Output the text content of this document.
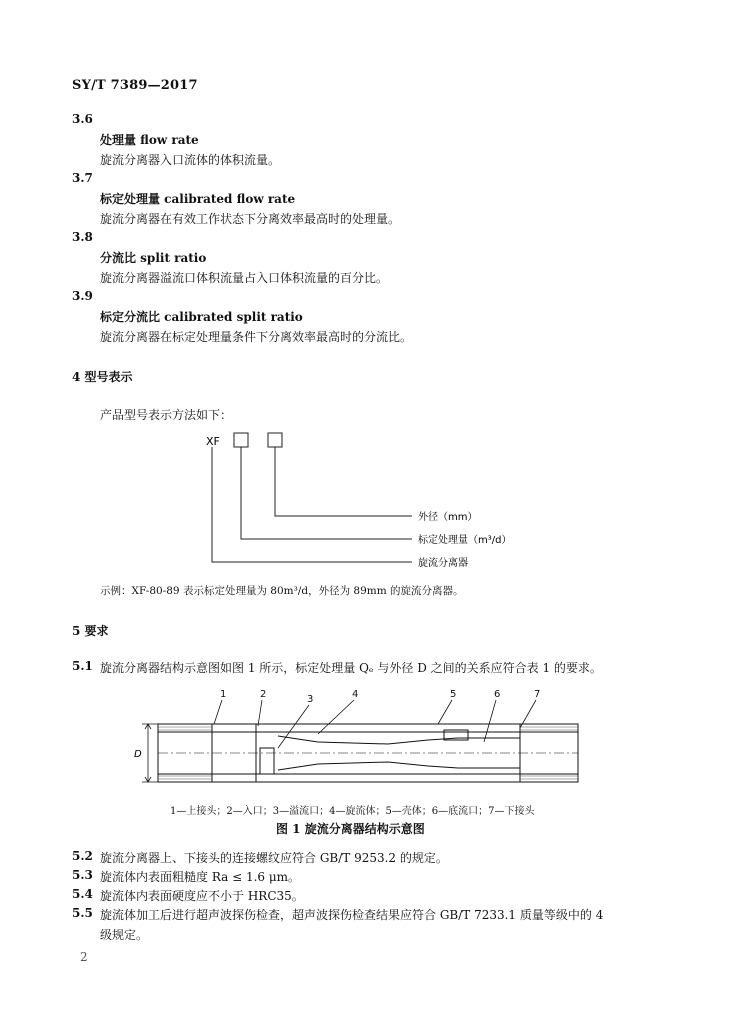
SY/T 7389—2017
3.6
处理量 flow rate
旋流分离器入口流体的体积流量。
3.7
标定处理量 calibrated flow rate
旋流分离器在有效工作状态下分离效率最高时的处理量。
3.8
分流比 split ratio
旋流分离器溢流口体积流量占入口体积流量的百分比。
3.9
标定分流比 calibrated split ratio
旋流分离器在标定处理量条件下分离效率最高时的分流比。
4 型号表示
产品型号表示方法如下：
XF
外径（mm）
标定处理量（m³/d）
旋流分离器
示例：XF-80-89 表示标定处理量为 80m³/d，外径为 89mm 的旋流分离器。
5 要求
5.1 旋流分离器结构示意图如图 1 所示，标定处理量 Qₑ 与外径 D 之间的关系应符合表 1 的要求。
1	2	3	4	5	6	7
D
1—上接头；2—入口；3—溢流口；4—旋流体；5—壳体；6—底流口；7—下接头
图 1 旋流分离器结构示意图
5.2 旋流分离器上、下接头的连接螺纹应符合 GB/T 9253.2 的规定。
5.3 旋流体内表面粗糙度 Ra ≤ 1.6 μm。
5.4 旋流体内表面硬度应不小于 HRC35。
5.5 旋流体加工后进行超声波探伤检查，超声波探伤检查结果应符合 GB/T 7233.1 质量等级中的 4
级规定。
2
